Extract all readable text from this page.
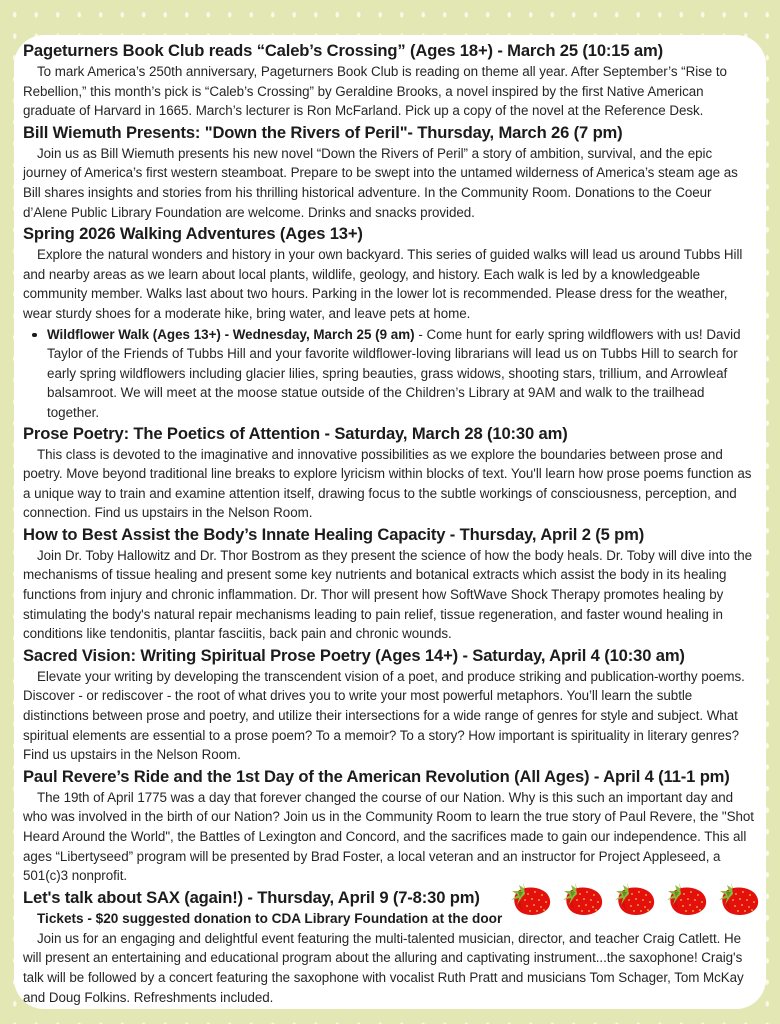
Pageturners Book Club reads “Caleb’s Crossing” (Ages 18+) - March 25 (10:15 am)

To mark America’s 250th anniversary, Pageturners Book Club is reading on theme all year. After September’s “Rise to Rebellion,” this month’s pick is “Caleb’s Crossing” by Geraldine Brooks, a novel inspired by the first Native American graduate of Harvard in 1665. March’s lecturer is Ron McFarland. Pick up a copy of the novel at the Reference Desk.

Bill Wiemuth Presents: "Down the Rivers of Peril"- Thursday, March 26 (7 pm)

Join us as Bill Wiemuth presents his new novel “Down the Rivers of Peril” a story of ambition, survival, and the epic journey of America’s first western steamboat. Prepare to be swept into the untamed wilderness of America’s steam age as Bill shares insights and stories from his thrilling historical adventure. In the Community Room. Donations to the Coeur d’Alene Public Library Foundation are welcome. Drinks and snacks provided.

Spring 2026 Walking Adventures (Ages 13+)

Explore the natural wonders and history in your own backyard. This series of guided walks will lead us around Tubbs Hill and nearby areas as we learn about local plants, wildlife, geology, and history. Each walk is led by a knowledgeable community member. Walks last about two hours. Parking in the lower lot is recommended. Please dress for the weather, wear sturdy shoes for a moderate hike, bring water, and leave pets at home.

Wildflower Walk (Ages 13+) - Wednesday, March 25 (9 am) - Come hunt for early spring wildflowers with us! David Taylor of the Friends of Tubbs Hill and your favorite wildflower-loving librarians will lead us on Tubbs Hill to search for early spring wildflowers including glacier lilies, spring beauties, grass widows, shooting stars, trillium, and Arrowleaf balsamroot. We will meet at the moose statue outside of the Children’s Library at 9AM and walk to the trailhead together.
Prose Poetry: The Poetics of Attention - Saturday, March 28 (10:30 am)

This class is devoted to the imaginative and innovative possibilities as we explore the boundaries between prose and poetry. Move beyond traditional line breaks to explore lyricism within blocks of text. You'll learn how prose poems function as a unique way to train and examine attention itself, drawing focus to the subtle workings of consciousness, perception, and connection. Find us upstairs in the Nelson Room.

How to Best Assist the Body’s Innate Healing Capacity - Thursday, April 2 (5 pm)

Join Dr. Toby Hallowitz and Dr. Thor Bostrom as they present the science of how the body heals. Dr. Toby will dive into the mechanisms of tissue healing and present some key nutrients and botanical extracts which assist the body in its healing functions from injury and chronic inflammation. Dr. Thor will present how SoftWave Shock Therapy promotes healing by stimulating the body's natural repair mechanisms leading to pain relief, tissue regeneration, and faster wound healing in conditions like tendonitis, plantar fasciitis, back pain and chronic wounds.

Sacred Vision: Writing Spiritual Prose Poetry (Ages 14+) - Saturday, April 4 (10:30 am)

Elevate your writing by developing the transcendent vision of a poet, and produce striking and publication-worthy poems. Discover - or rediscover - the root of what drives you to write your most powerful metaphors. You’ll learn the subtle distinctions between prose and poetry, and utilize their intersections for a wide range of genres for style and subject. What spiritual elements are essential to a prose poem? To a memoir? To a story? How important is spirituality in literary genres? Find us upstairs in the Nelson Room.

Paul Revere’s Ride and the 1st Day of the American Revolution (All Ages) - April 4 (11-1 pm)

The 19th of April 1775 was a day that forever changed the course of our Nation. Why is this such an important day and who was involved in the birth of our Nation? Join us in the Community Room to learn the true story of Paul Revere, the "Shot Heard Around the World", the Battles of Lexington and Concord, and the sacrifices made to gain our independence. This all ages “Libertyseed” program will be presented by Brad Foster, a local veteran and an instructor for Project Appleseed, a 501(c)3 nonprofit.

Let's talk about SAX (again!) - Thursday, April 9 (7-8:30 pm)

Tickets - $20 suggested donation to CDA Library Foundation at the door

Join us for an engaging and delightful event featuring the multi-talented musician, director, and teacher Craig Catlett. He will present an entertaining and educational program about the alluring and captivating instrument...the saxophone! Craig's talk will be followed by a concert featuring the saxophone with vocalist Ruth Pratt and musicians Tom Schager, Tom McKay and Doug Folkins. Refreshments included.
